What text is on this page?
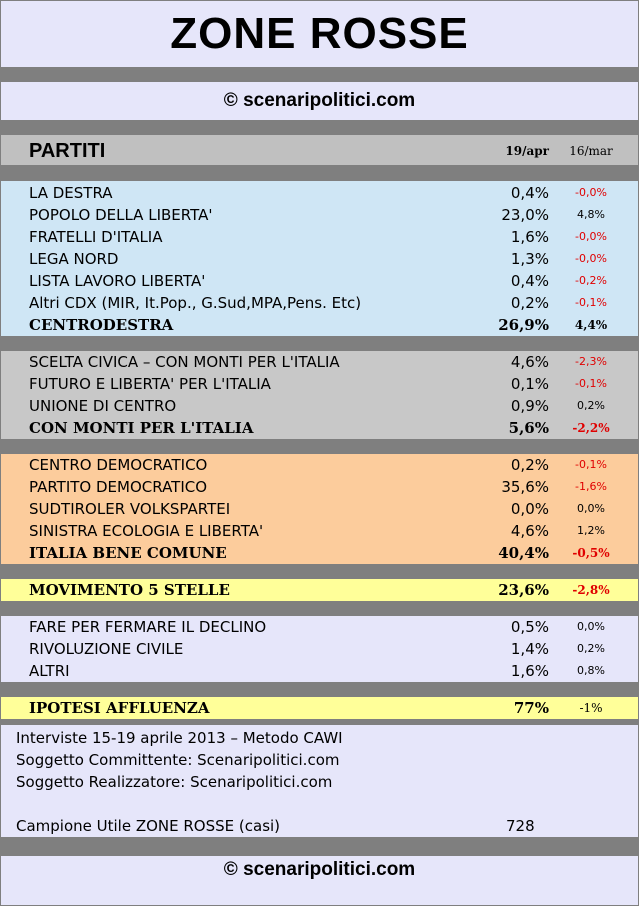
ZONE ROSSE
© scenaripolitici.com
PARTITI	19/apr	16/mar
LA DESTRA	0,4%	-0,0%
POPOLO DELLA LIBERTA'	23,0%	4,8%
FRATELLI D'ITALIA	1,6%	-0,0%
LEGA NORD	1,3%	-0,0%
LISTA LAVORO LIBERTA'	0,4%	-0,2%
Altri CDX (MIR, It.Pop., G.Sud,MPA,Pens. Etc)	0,2%	-0,1%
CENTRODESTRA	26,9%	4,4%
SCELTA CIVICA – CON MONTI PER L'ITALIA	4,6%	-2,3%
FUTURO E LIBERTA' PER L'ITALIA	0,1%	-0,1%
UNIONE DI CENTRO	0,9%	0,2%
CON MONTI PER L'ITALIA	5,6%	-2,2%
CENTRO DEMOCRATICO	0,2%	-0,1%
PARTITO DEMOCRATICO	35,6%	-1,6%
SUDTIROLER VOLKSPARTEI	0,0%	0,0%
SINISTRA ECOLOGIA E LIBERTA'	4,6%	1,2%
ITALIA BENE COMUNE	40,4%	-0,5%
MOVIMENTO 5 STELLE	23,6%	-2,8%
FARE PER FERMARE IL DECLINO	0,5%	0,0%
RIVOLUZIONE CIVILE	1,4%	0,2%
ALTRI	1,6%	0,8%
IPOTESI AFFLUENZA	77%	-1%
Interviste 15-19 aprile 2013 – Metodo CAWI
Soggetto Committente: Scenaripolitici.com
Soggetto Realizzatore: Scenaripolitici.com
Campione Utile ZONE ROSSE (casi)	728
© scenaripolitici.com
